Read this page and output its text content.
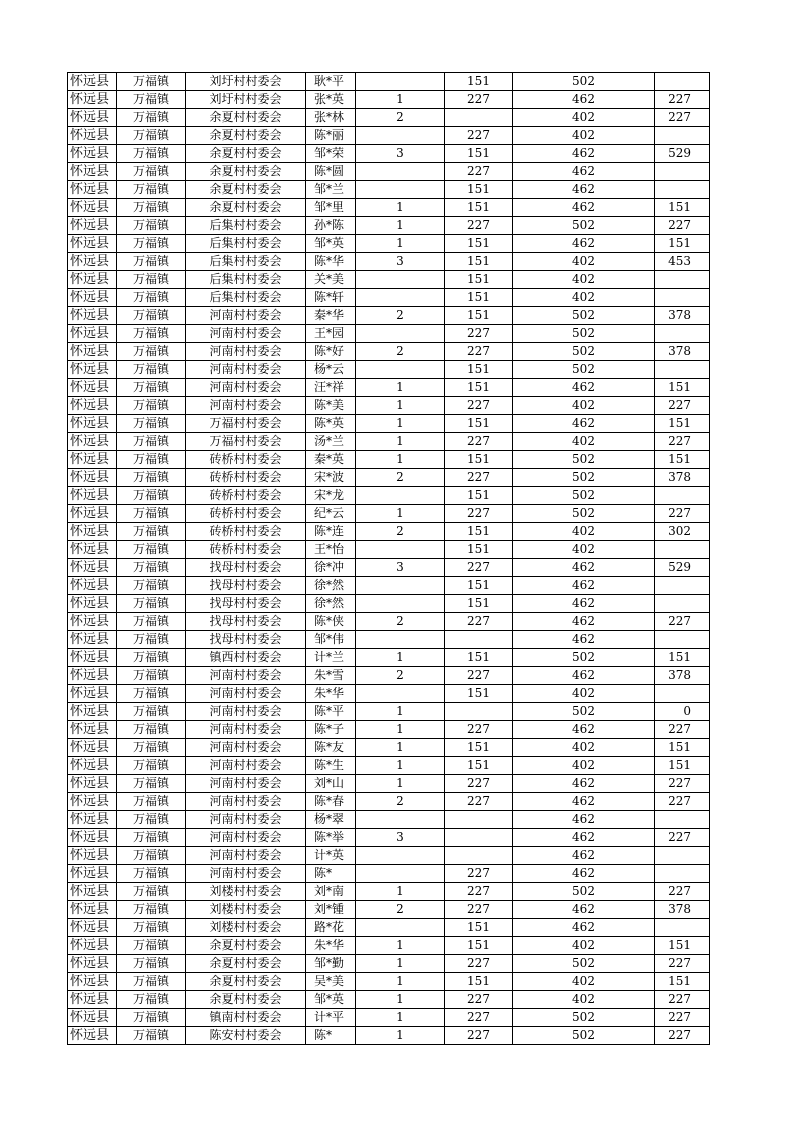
怀远县	万福镇	刘圩村村委会	耿*平		151	502	
怀远县	万福镇	刘圩村村委会	张*英	1	227	462	227
怀远县	万福镇	余夏村村委会	张*林	2		402	227
怀远县	万福镇	余夏村村委会	陈*丽		227	402	
怀远县	万福镇	余夏村村委会	邹*荣	3	151	462	529
怀远县	万福镇	余夏村村委会	陈*圆		227	462	
怀远县	万福镇	余夏村村委会	邹*兰		151	462	
怀远县	万福镇	余夏村村委会	邹*里	1	151	462	151
怀远县	万福镇	后集村村委会	孙*陈	1	227	502	227
怀远县	万福镇	后集村村委会	邹*英	1	151	462	151
怀远县	万福镇	后集村村委会	陈*华	3	151	402	453
怀远县	万福镇	后集村村委会	关*美		151	402	
怀远县	万福镇	后集村村委会	陈*轩		151	402	
怀远县	万福镇	河南村村委会	秦*华	2	151	502	378
怀远县	万福镇	河南村村委会	王*园		227	502	
怀远县	万福镇	河南村村委会	陈*好	2	227	502	378
怀远县	万福镇	河南村村委会	杨*云		151	502	
怀远县	万福镇	河南村村委会	汪*祥	1	151	462	151
怀远县	万福镇	河南村村委会	陈*美	1	227	402	227
怀远县	万福镇	万福村村委会	陈*英	1	151	462	151
怀远县	万福镇	万福村村委会	汤*兰	1	227	402	227
怀远县	万福镇	砖桥村村委会	秦*英	1	151	502	151
怀远县	万福镇	砖桥村村委会	宋*波	2	227	502	378
怀远县	万福镇	砖桥村村委会	宋*龙		151	502	
怀远县	万福镇	砖桥村村委会	纪*云	1	227	502	227
怀远县	万福镇	砖桥村村委会	陈*连	2	151	402	302
怀远县	万福镇	砖桥村村委会	王*怡		151	402	
怀远县	万福镇	找母村村委会	徐*冲	3	227	462	529
怀远县	万福镇	找母村村委会	徐*然		151	462	
怀远县	万福镇	找母村村委会	徐*然		151	462	
怀远县	万福镇	找母村村委会	陈*侠	2	227	462	227
怀远县	万福镇	找母村村委会	邹*伟			462	
怀远县	万福镇	镇西村村委会	计*兰	1	151	502	151
怀远县	万福镇	河南村村委会	朱*雪	2	227	462	378
怀远县	万福镇	河南村村委会	朱*华		151	402	
怀远县	万福镇	河南村村委会	陈*平	1		502	0
怀远县	万福镇	河南村村委会	陈*子	1	227	462	227
怀远县	万福镇	河南村村委会	陈*友	1	151	402	151
怀远县	万福镇	河南村村委会	陈*生	1	151	402	151
怀远县	万福镇	河南村村委会	刘*山	1	227	462	227
怀远县	万福镇	河南村村委会	陈*春	2	227	462	227
怀远县	万福镇	河南村村委会	杨*翠			462	
怀远县	万福镇	河南村村委会	陈*举	3		462	227
怀远县	万福镇	河南村村委会	计*英			462	
怀远县	万福镇	河南村村委会	陈*		227	462	
怀远县	万福镇	刘楼村村委会	刘*南	1	227	502	227
怀远县	万福镇	刘楼村村委会	刘*锺	2	227	462	378
怀远县	万福镇	刘楼村村委会	路*花		151	462	
怀远县	万福镇	余夏村村委会	朱*华	1	151	402	151
怀远县	万福镇	余夏村村委会	邹*勤	1	227	502	227
怀远县	万福镇	余夏村村委会	吴*美	1	151	402	151
怀远县	万福镇	余夏村村委会	邹*英	1	227	402	227
怀远县	万福镇	镇南村村委会	计*平	1	227	502	227
怀远县	万福镇	陈安村村委会	陈*	1	227	502	227
